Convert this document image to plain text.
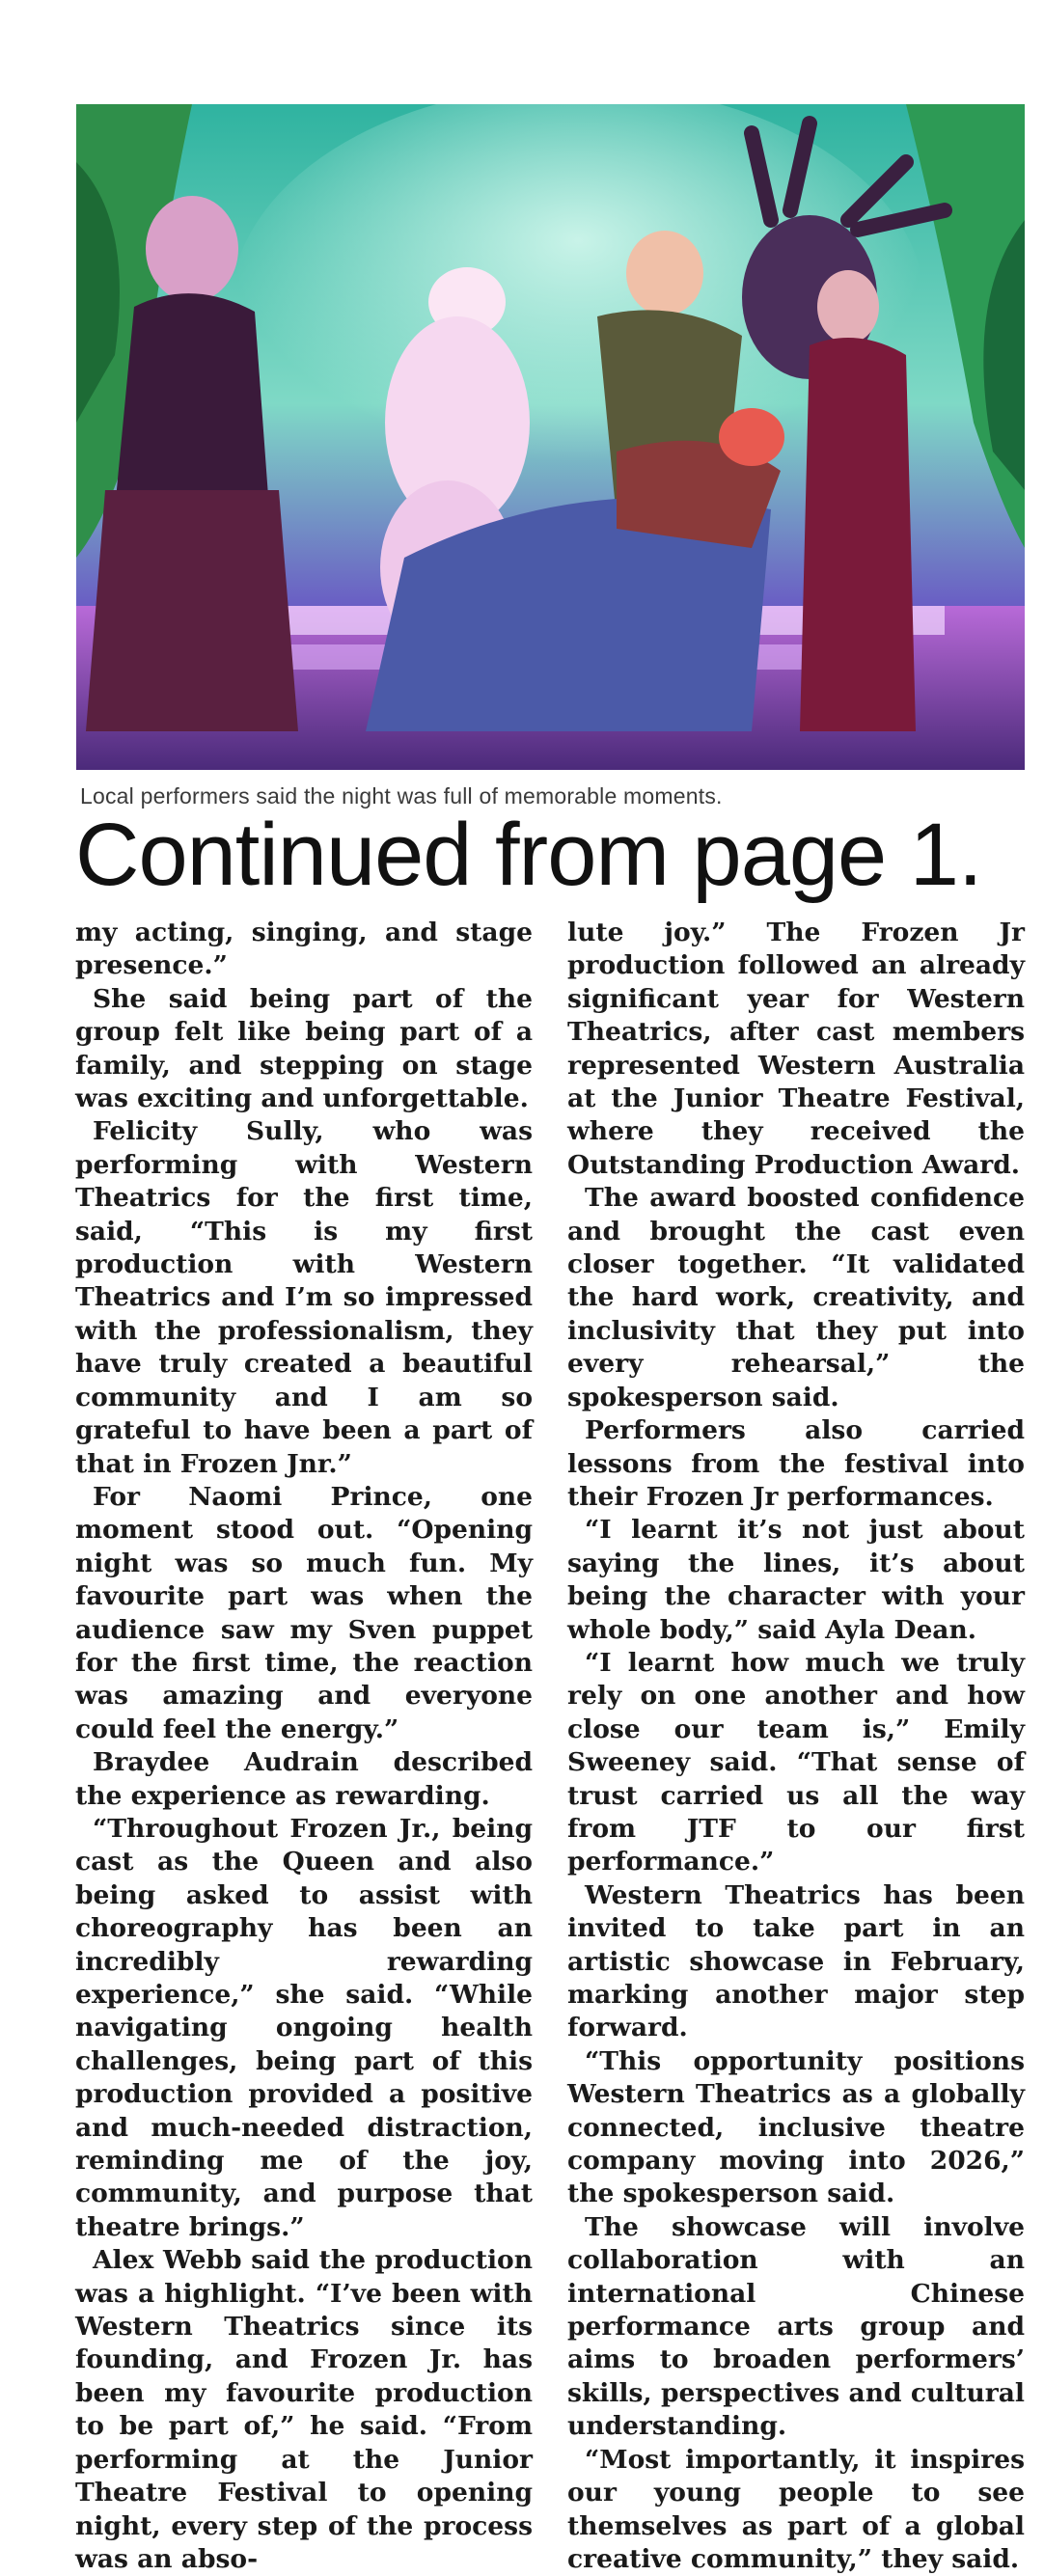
Local performers said the night was full of memorable moments.
Continued from page 1.

my acting, singing, and stage presence.”

She said being part of the group felt like being part of a family, and stepping on stage was exciting and unforgettable.

Felicity Sully, who was performing with Western Theatrics for the first time, said, “This is my first production with Western Theatrics and I’m so impressed with the professionalism, they have truly created a beautiful community and I am so grateful to have been a part of that in Frozen Jnr.”

For Naomi Prince, one moment stood out. “Opening night was so much fun. My favourite part was when the audience saw my Sven puppet for the first time, the reaction was amazing and everyone could feel the energy.”

Braydee Audrain described the experience as rewarding.

“Throughout Frozen Jr., being cast as the Queen and also being asked to assist with choreography has been an incredibly rewarding experience,” she said. “While navigating ongoing health challenges, being part of this production provided a positive and much-needed distraction, reminding me of the joy, community, and purpose that theatre brings.”

Alex Webb said the production was a highlight. “I’ve been with Western Theatrics since its founding, and Frozen Jr. has been my favourite production to be part of,” he said. “From performing at the Junior Theatre Festival to opening night, every step of the process was an abso-

lute joy.” The Frozen Jr production followed an already significant year for Western Theatrics, after cast members represented Western Australia at the Junior Theatre Festival, where they received the Outstanding Production Award.

The award boosted confidence and brought the cast even closer together. “It validated the hard work, creativity, and inclusivity that they put into every rehearsal,” the spokesperson said.

Performers also carried lessons from the festival into their Frozen Jr performances.

“I learnt it’s not just about saying the lines, it’s about being the character with your whole body,” said Ayla Dean.

“I learnt how much we truly rely on one another and how close our team is,” Emily Sweeney said. “That sense of trust carried us all the way from JTF to our first performance.”

Western Theatrics has been invited to take part in an artistic showcase in February, marking another major step forward.

“This opportunity positions Western Theatrics as a globally connected, inclusive theatre company moving into 2026,” the spokesperson said.

The showcase will involve collaboration with an international Chinese performance arts group and aims to broaden performers’ skills, perspectives and cultural understanding.

“Most importantly, it inspires our young people to see themselves as part of a global creative community,” they said.
